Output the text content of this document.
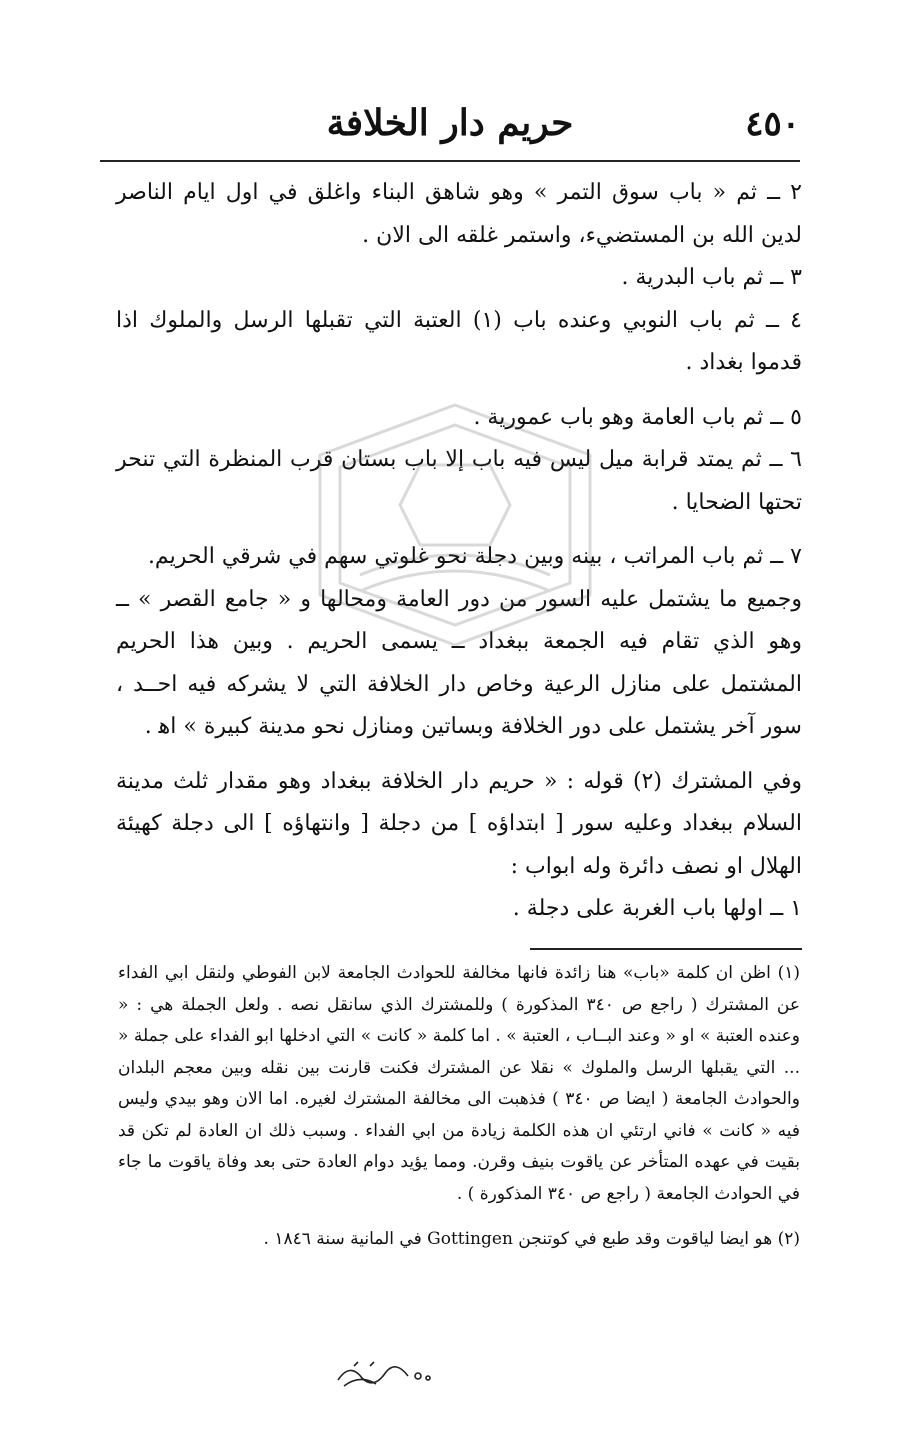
٤٥٠
حريم دار الخلافة

٢ ــ ثم « باب سوق التمر » وهو شاهق البناء واغلق في اول ايام الناصر لدين الله بن المستضيء، واستمر غلقه الى الان .

٣ ــ ثم باب البدرية .

٤ ــ ثم باب النوبي وعنده باب (١) العتبة التي تقبلها الرسل والملوك اذا قدموا بغداد .

٥ ــ ثم باب العامة وهو باب عمورية .

٦ ــ ثم يمتد قرابة ميل ليس فيه باب إلا باب بستان قرب المنظرة التي تنحر تحتها الضحايا .

٧ ــ ثم باب المراتب ، بينه وبين دجلة نحو غلوتي سهم في شرقي الحريم.

وجميع ما يشتمل عليه السور من دور العامة ومحالها و « جامع القصر » ــ وهو الذي تقام فيه الجمعة ببغداد ــ يسمى الحريم . وبين هذا الحريم المشتمل على منازل الرعية وخاص دار الخلافة التي لا يشركه فيه احــد ، سور آخر يشتمل على دور الخلافة وبساتين ومنازل نحو مدينة كبيرة » اﻫ .

وفي المشترك (٢) قوله : « حريم دار الخلافة ببغداد وهو مقدار ثلث مدينة السلام ببغداد وعليه سور [ ابتداؤه ] من دجلة [ وانتهاؤه ] الى دجلة كهيئة الهلال او نصف دائرة وله ابواب :

١ ــ اولها باب الغربة على دجلة .

(١) اظن ان كلمة «باب» هنا زائدة فانها مخالفة للحوادث الجامعة لابن الفوطي ولنقل ابي الفداء عن المشترك ( راجع ص ٣٤٠ المذكورة ) وللمشترك الذي سانقل نصه . ولعل الجملة هي : « وعنده العتبة » او « وعند البــاب ، العتبة » . اما كلمة « كانت » التي ادخلها ابو الفداء على جملة « ... التي يقبلها الرسل والملوك » نقلا عن المشترك فكنت قارنت بين نقله وبين معجم البلدان والحوادث الجامعة ( ايضا ص ٣٤٠ ) فذهبت الى مخالفة المشترك لغيره. اما الان وهو بيدي وليس فيه « كانت » فاني ارتئي ان هذه الكلمة زيادة من ابي الفداء . وسبب ذلك ان العادة لم تكن قد بقيت في عهده المتأخر عن ياقوت بنيف وقرن. ومما يؤيد دوام العادة حتى بعد وفاة ياقوت ما جاء في الحوادث الجامعة ( راجع ص ٣٤٠ المذكورة ) .

(٢) هو ايضا لياقوت وقد طبع في كوتنجن Gottingen في المانية سنة ١٨٤٦ .
